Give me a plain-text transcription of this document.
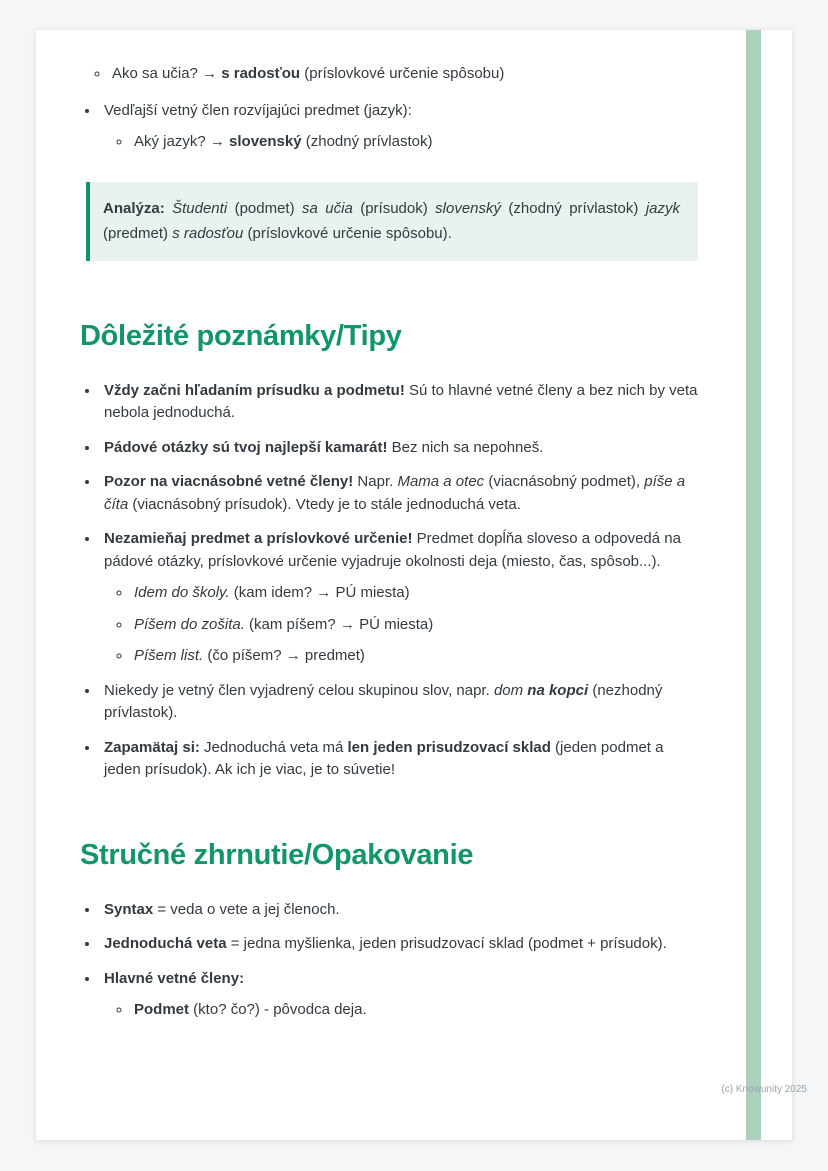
◦ Ako sa učia? → s radosťou (príslovkové určenie spôsobu)
• Vedľajší vetný člen rozvíjajúci predmet (jazyk):
◦ Aký jazyk? → slovenský (zhodný prívlastok)
Analýza: Študenti (podmet) sa učia (prísudok) slovenský (zhodný prívlastok) jazyk (predmet) s radosťou (príslovkové určenie spôsobu).
Dôležité poznámky/Tipy
• Vždy začni hľadaním prísudku a podmetu! Sú to hlavné vetné členy a bez nich by veta nebola jednoduchá.
• Pádové otázky sú tvoj najlepší kamarát! Bez nich sa nepohneš.
• Pozor na viacnásobné vetné členy! Napr. Mama a otec (viacnásobný podmet), píše a číta (viacnásobný prísudok). Vtedy je to stále jednoduchá veta.
• Nezamieňaj predmet a príslovkové určenie! Predmet dopĺňa sloveso a odpovedá na pádové otázky, príslovkové určenie vyjadruje okolnosti deja (miesto, čas, spôsob...).
◦ Idem do školy. (kam idem? → PÚ miesta)
◦ Píšem do zošita. (kam píšem? → PÚ miesta)
◦ Píšem list. (čo píšem? → predmet)
• Niekedy je vetný člen vyjadrený celou skupinou slov, napr. dom na kopci (nezhodný prívlastok).
• Zapamätaj si: Jednoduchá veta má len jeden prisudzovací sklad (jeden podmet a jeden prísudok). Ak ich je viac, je to súvetie!
Stručné zhrnutie/Opakovanie
• Syntax = veda o vete a jej členoch.
• Jednoduchá veta = jedna myšlienka, jeden prisudzovací sklad (podmet + prísudok).
• Hlavné vetné členy:
◦ Podmet (kto? čo?) - pôvodca deja.
(c) Knowunity 2025
